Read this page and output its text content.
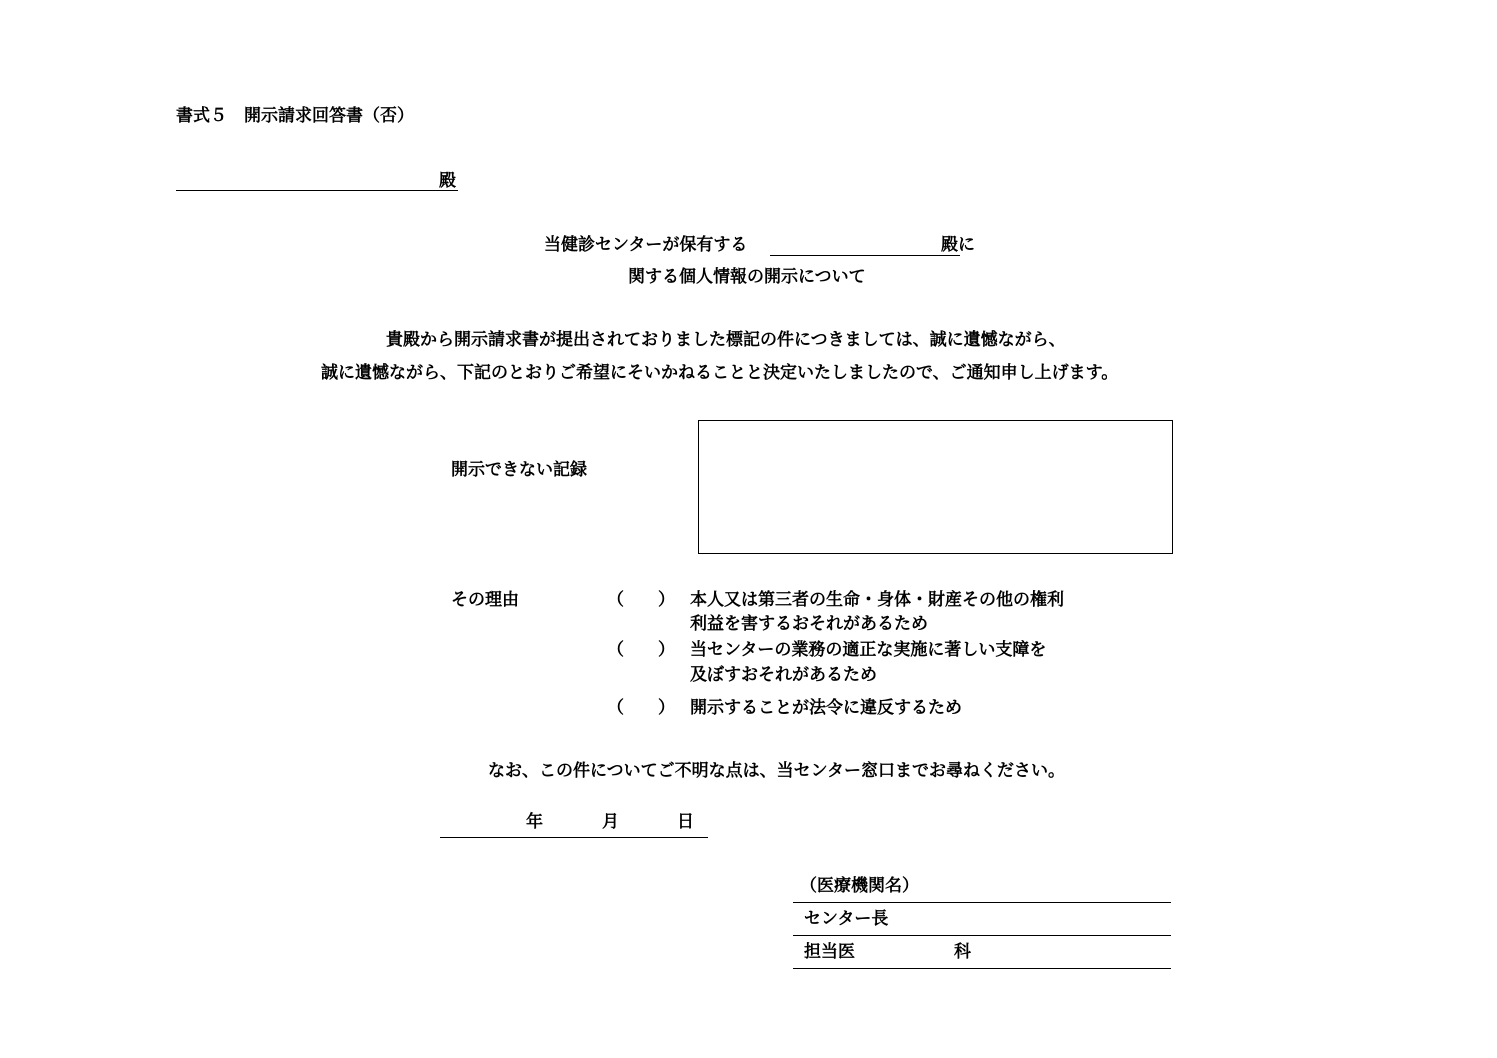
書式５　開示請求回答書（否）
殿
当健診センターが保有する	殿に
関する個人情報の開示について
貴殿から開示請求書が提出されておりました標記の件につきましては、誠に遺憾ながら、
誠に遺憾ながら、下記のとおりご希望にそいかねることと決定いたしましたので、ご通知申し上げます。
開示できない記録
その理由	（　　） 本人又は第三者の生命・身体・財産その他の権利
利益を害するおそれがあるため
（　　） 当センターの業務の適正な実施に著しい支障を
及ぼすおそれがあるため
（　　） 開示することが法令に違反するため
なお、この件についてご不明な点は、当センター窓口までお尋ねください。
年	月	日
（医療機関名）
センター長
担当医	科
